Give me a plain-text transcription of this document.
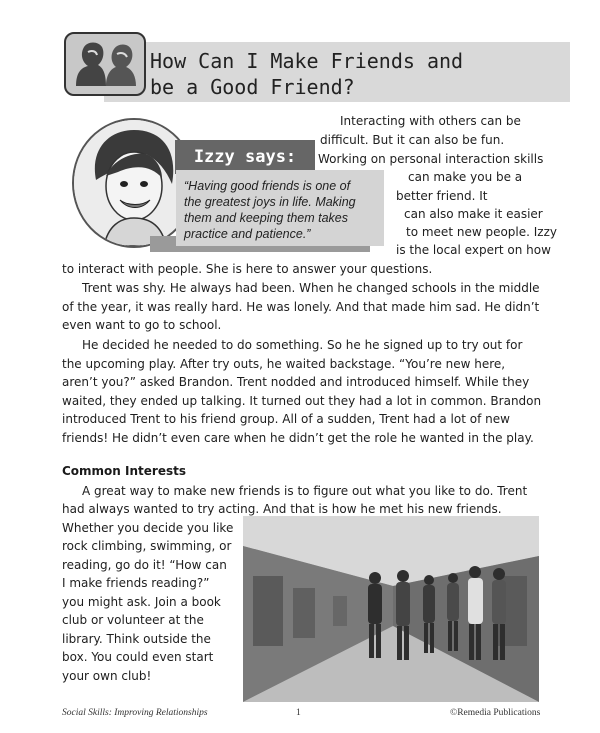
How Can I Make Friends and
be a Good Friend?
Izzy says:
“Having good friends is one of
the greatest joys in life. Making
them and keeping them takes
practice and patience.”
Interacting with others can be
difficult. But it can also be fun.
Working on personal interaction skills
can make you be a
better friend. It
can also make it easier
to meet new people. Izzy
is the local expert on how
to interact with people. She is here to answer your questions.

Trent was shy. He always had been. When he changed schools in the middle of the year, it was really hard. He was lonely. And that made him sad. He didn’t even want to go to school.

He decided he needed to do something. So he he signed up to try out for the upcoming play. After try outs, he waited backstage. “You’re new here, aren’t you?” asked Brandon. Trent nodded and introduced himself. While they waited, they ended up talking. It turned out they had a lot in common. Brandon introduced Trent to his friend group. All of a sudden, Trent had a lot of new friends! He didn’t even care when he didn’t get the role he wanted in the play.

Common Interests
A great way to make new friends is to figure out what you like to do. Trent
had always wanted to try acting. And that is how he met his new friends.
Whether you decide you like
rock climbing, swimming, or
reading, go do it! “How can
I make friends reading?”
you might ask. Join a book
club or volunteer at the
library. Think outside the
box. You could even start
your own club!
Social Skills: Improving Relationships	1	©Remedia Publications
